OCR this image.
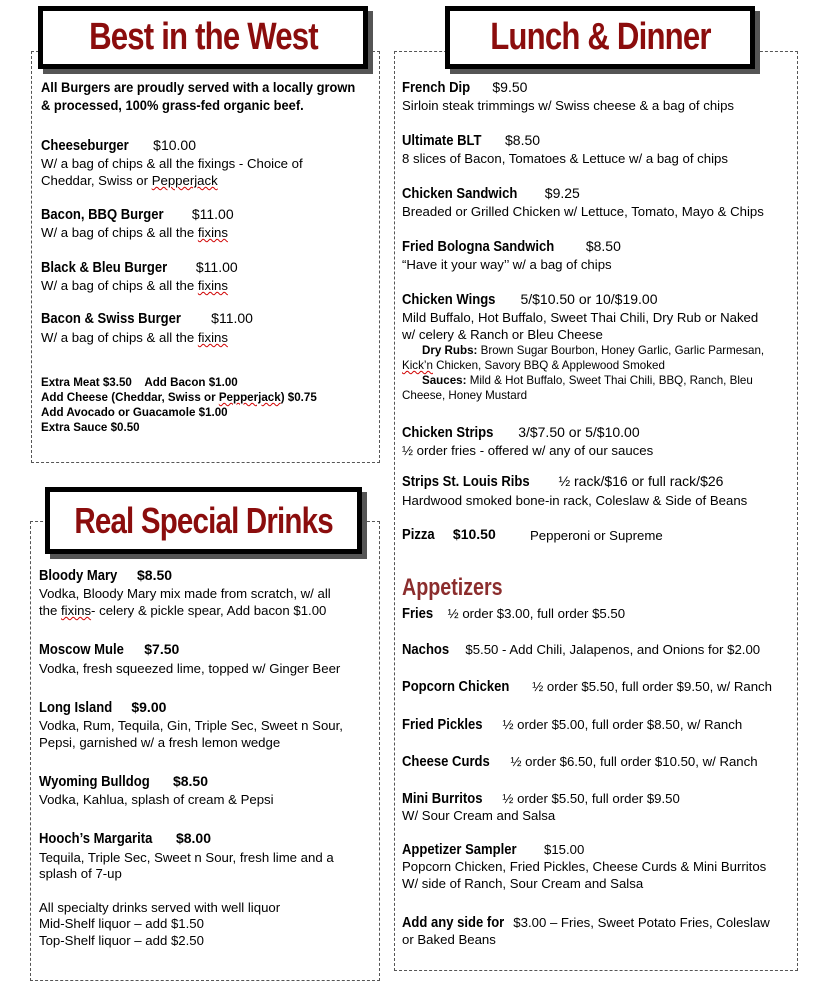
Best in the West	Lunch & Dinner
Real Special Drinks
All Burgers are proudly served with a locally grown
& processed, 100% grass-fed organic beef.
Cheeseburger $10.00
W/ a bag of chips & all the fixings - Choice of
Cheddar, Swiss or Pepperjack
Bacon, BBQ Burger $11.00
W/ a bag of chips & all the fixins
Black & Bleu Burger $11.00
W/ a bag of chips & all the fixins
Bacon & Swiss Burger $11.00
W/ a bag of chips & all the fixins
Extra Meat $3.50    Add Bacon $1.00
Add Cheese (Cheddar, Swiss or Pepperjack) $0.75
Add Avocado or Guacamole $1.00
Extra Sauce $0.50
Bloody Mary $8.50
Vodka, Bloody Mary mix made from scratch, w/ all
the fixins- celery & pickle spear, Add bacon $1.00
Moscow Mule $7.50
Vodka, fresh squeezed lime, topped w/ Ginger Beer
Long Island $9.00
Vodka, Rum, Tequila, Gin, Triple Sec, Sweet n Sour,
Pepsi, garnished w/ a fresh lemon wedge
Wyoming Bulldog $8.50
Vodka, Kahlua, splash of cream & Pepsi
Hooch’s Margarita $8.00
Tequila, Triple Sec, Sweet n Sour, fresh lime and a
splash of 7-up
All specialty drinks served with well liquor
Mid-Shelf liquor – add $1.50
Top-Shelf liquor – add $2.50
French Dip $9.50
Sirloin steak trimmings w/ Swiss cheese & a bag of chips
Ultimate BLT $8.50
8 slices of Bacon, Tomatoes & Lettuce w/ a bag of chips
Chicken Sandwich $9.25
Breaded or Grilled Chicken w/ Lettuce, Tomato, Mayo & Chips
Fried Bologna Sandwich $8.50
“Have it your way’’ w/ a bag of chips
Chicken Wings 5/$10.50 or 10/$19.00
Mild Buffalo, Hot Buffalo, Sweet Thai Chili, Dry Rub or Naked
w/ celery & Ranch or Bleu Cheese
Dry Rubs: Brown Sugar Bourbon, Honey Garlic, Garlic Parmesan,
Kick’n Chicken, Savory BBQ & Applewood Smoked
Sauces: Mild & Hot Buffalo, Sweet Thai Chili, BBQ, Ranch, Bleu
Cheese, Honey Mustard
Chicken Strips 3/$7.50 or 5/$10.00
½ order fries - offered w/ any of our sauces
Strips St. Louis Ribs ½ rack/$16 or full rack/$26
Hardwood smoked bone-in rack, Coleslaw & Side of Beans
Pizza $10.50	Pepperoni or Supreme
Appetizers
Fries ½ order $3.00, full order $5.50
Nachos $5.50 - Add Chili, Jalapenos, and Onions for $2.00
Popcorn Chicken ½ order $5.50, full order $9.50, w/ Ranch
Fried Pickles ½ order $5.00, full order $8.50, w/ Ranch
Cheese Curds ½ order $6.50, full order $10.50, w/ Ranch
Mini Burritos ½ order $5.50, full order $9.50
W/ Sour Cream and Salsa
Appetizer Sampler $15.00
Popcorn Chicken, Fried Pickles, Cheese Curds & Mini Burritos
W/ side of Ranch, Sour Cream and Salsa
Add any side for $3.00 – Fries, Sweet Potato Fries, Coleslaw
or Baked Beans
